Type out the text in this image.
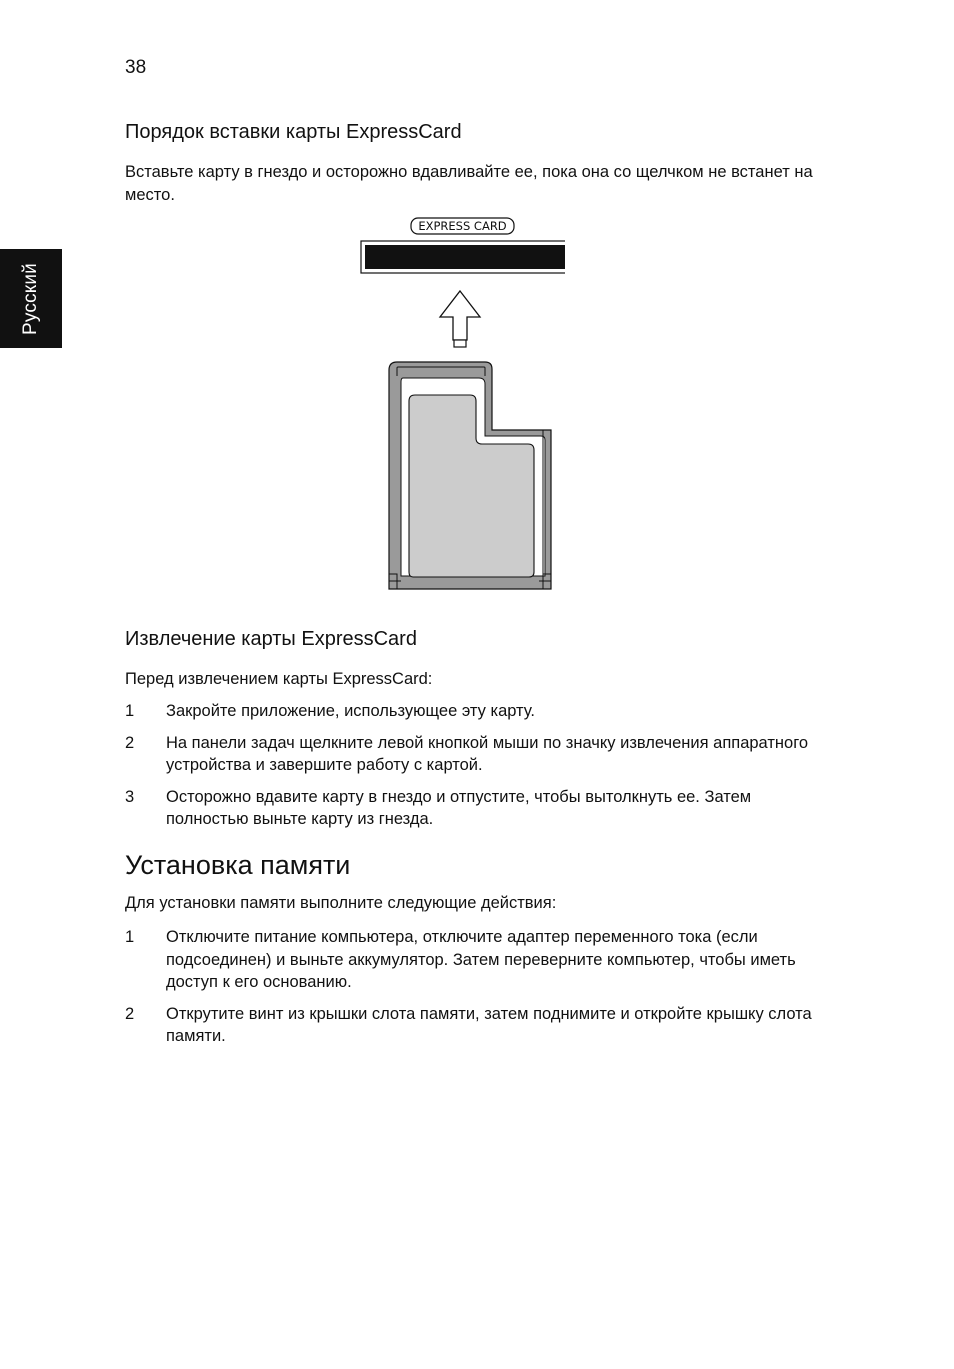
38
Русский
Порядок вставки карты ExpressCard
Вставьте карту в гнездо и осторожно вдавливайте ее, пока она со щелчком не встанет на место.
EXPRESS CARD
Извлечение карты ExpressCard
Перед извлечением карты ExpressCard:
1 Закройте приложение, использующее эту карту.
2 На панели задач щелкните левой кнопкой мыши по значку извлечения аппаратного устройства и завершите работу с картой.
3 Осторожно вдавите карту в гнездо и отпустите, чтобы вытолкнуть ее. Затем полностью выньте карту из гнезда.
Установка памяти
Для установки памяти выполните следующие действия:
1 Отключите питание компьютера, отключите адаптер переменного тока (если подсоединен) и выньте аккумулятор. Затем переверните компьютер, чтобы иметь доступ к его основанию.
2 Открутите винт из крышки слота памяти, затем поднимите и откройте крышку слота памяти.
